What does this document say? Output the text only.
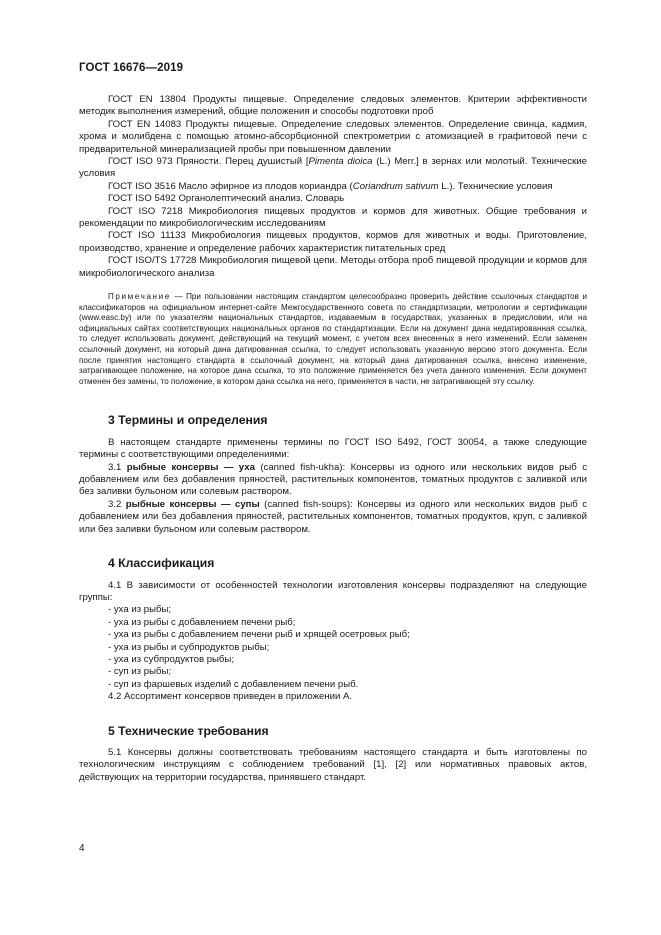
ГОСТ 16676—2019

ГОСТ EN 13804 Продукты пищевые. Определение следовых элементов. Критерии эффективности методик выполнения измерений, общие положения и способы подготовки проб

ГОСТ EN 14083 Продукты пищевые. Определение следовых элементов. Определение свинца, кадмия, хрома и молибдена с помощью атомно-абсорбционной спектрометрии с атомизацией в графитовой печи с предварительной минерализацией пробы при повышенном давлении

ГОСТ ISO 973 Пряности. Перец душистый [Pimenta dioica (L.) Merr.] в зернах или молотый. Технические условия

ГОСТ ISO 3516 Масло эфирное из плодов кориандра (Coriandrum sativum L.). Технические условия

ГОСТ ISO 5492 Органолептический анализ. Словарь

ГОСТ ISO 7218 Микробиология пищевых продуктов и кормов для животных. Общие требования и рекомендации по микробиологическим исследованиям

ГОСТ ISO 11133 Микробиология пищевых продуктов, кормов для животных и воды. Приготовление, производство, хранение и определение рабочих характеристик питательных сред

ГОСТ ISO/TS 17728 Микробиология пищевой цепи. Методы отбора проб пищевой продукции и кормов для микробиологического анализа

Примечание — При пользовании настоящим стандартом целесообразно проверить действие ссылочных стандартов и классификаторов на официальном интернет-сайте Межгосударственного совета по стандартизации, метрологии и сертификации (www.easc.by) или по указателям национальных стандартов, издаваемым в государствах, указанных в предисловии, или на официальных сайтах соответствующих национальных органов по стандартизации. Если на документ дана недатированная ссылка, то следует использовать документ, действующий на текущий момент, с учетом всех внесенных в него изменений. Если заменен ссылочный документ, на который дана датированная ссылка, то следует использовать указанную версию этого документа. Если после принятия настоящего стандарта в ссылочный документ, на который дана датированная ссылка, внесено изменение, затрагивающее положение, на которое дана ссылка, то это положение применяется без учета данного изменения. Если документ отменен без замены, то положение, в котором дана ссылка на него, применяется в части, не затрагивающей эту ссылку.

3 Термины и определения

В настоящем стандарте применены термины по ГОСТ ISO 5492, ГОСТ 30054, а также следующие термины с соответствующими определениями:

3.1 рыбные консервы — уха (canned fish-ukha): Консервы из одного или нескольких видов рыб с добавлением или без добавления пряностей, растительных компонентов, томатных продуктов с заливкой или без заливки бульоном или солевым раствором.

3.2 рыбные консервы — супы (canned fish-soups): Консервы из одного или нескольких видов рыб с добавлением или без добавления пряностей, растительных компонентов, томатных продуктов, круп, с заливкой или без заливки бульоном или солевым раствором.

4 Классификация

4.1 В зависимости от особенностей технологии изготовления консервы подразделяют на следующие группы:

- уха из рыбы;
- уха из рыбы с добавлением печени рыб;
- уха из рыбы с добавлением печени рыб и хрящей осетровых рыб;
- уха из рыбы и субпродуктов рыбы;
- уха из субпродуктов рыбы;
- суп из рыбы;
- суп из фаршевых изделий с добавлением печени рыб.

4.2 Ассортимент консервов приведен в приложении А.

5 Технические требования

5.1 Консервы должны соответствовать требованиям настоящего стандарта и быть изготовлены по технологическим инструкциям с соблюдением требований [1], [2] или нормативных правовых актов, действующих на территории государства, принявшего стандарт.

4
